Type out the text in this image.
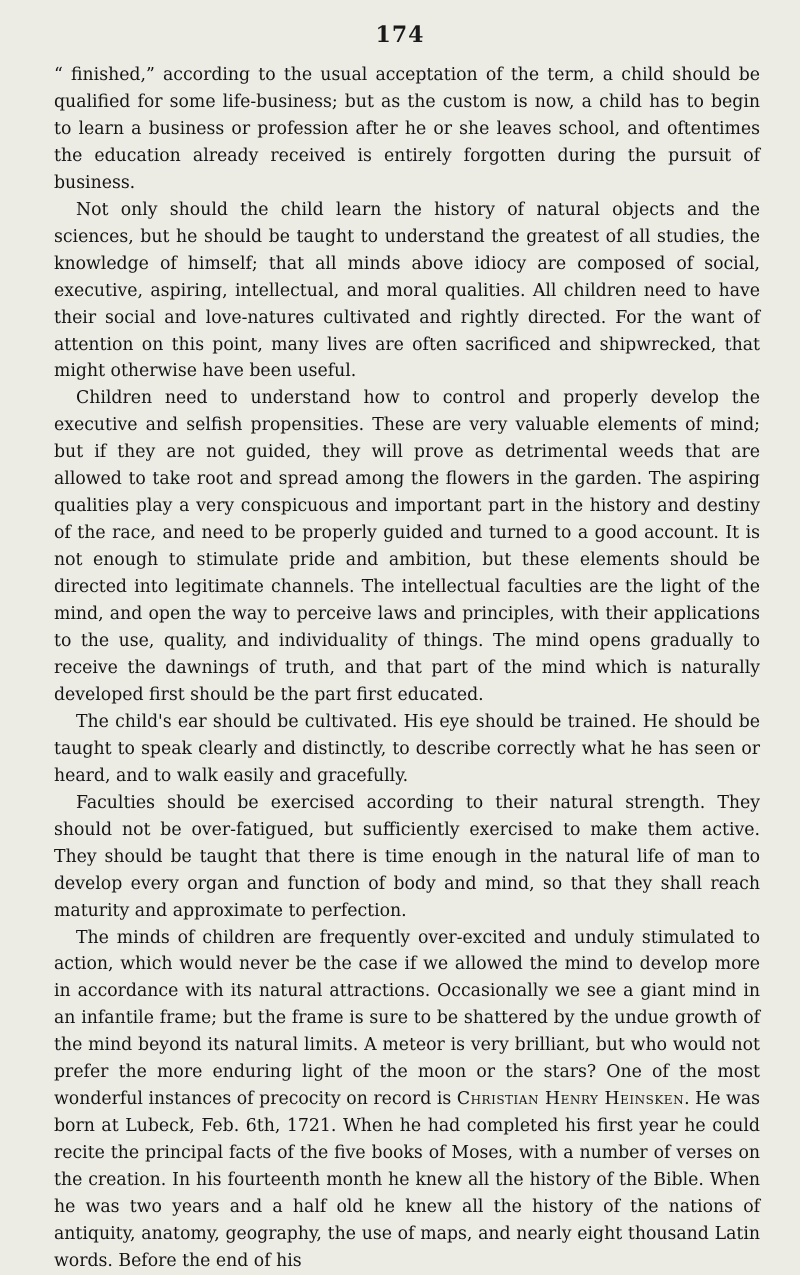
174

“ finished,” according to the usual acceptation of the term, a child should be qualified for some life-business; but as the custom is now, a child has to begin to learn a business or profession after he or she leaves school, and oftentimes the education already received is entirely forgotten during the pursuit of business.

Not only should the child learn the history of natural objects and the sciences, but he should be taught to understand the greatest of all studies, the knowledge of himself; that all minds above idiocy are composed of social, executive, aspiring, intellectual, and moral qualities. All children need to have their social and love-natures cultivated and rightly directed. For the want of attention on this point, many lives are often sacrificed and shipwrecked, that might otherwise have been useful.

Children need to understand how to control and properly develop the executive and selfish propensities. These are very valuable elements of mind; but if they are not guided, they will prove as detrimental weeds that are allowed to take root and spread among the flowers in the garden. The aspiring qualities play a very conspicuous and important part in the history and destiny of the race, and need to be properly guided and turned to a good account. It is not enough to stimulate pride and ambition, but these elements should be directed into legitimate channels. The intellectual faculties are the light of the mind, and open the way to perceive laws and principles, with their applications to the use, quality, and individuality of things. The mind opens gradually to receive the dawnings of truth, and that part of the mind which is naturally developed first should be the part first educated.

The child's ear should be cultivated. His eye should be trained. He should be taught to speak clearly and distinctly, to describe correctly what he has seen or heard, and to walk easily and gracefully.

Faculties should be exercised according to their natural strength. They should not be over-fatigued, but sufficiently exercised to make them active. They should be taught that there is time enough in the natural life of man to develop every organ and function of body and mind, so that they shall reach maturity and approximate to perfection.

The minds of children are frequently over-excited and unduly stimulated to action, which would never be the case if we allowed the mind to develop more in accordance with its natural attractions. Occasionally we see a giant mind in an infantile frame; but the frame is sure to be shattered by the undue growth of the mind beyond its natural limits. A meteor is very brilliant, but who would not prefer the more enduring light of the moon or the stars? One of the most wonderful instances of precocity on record is Christian Henry Heinsken. He was born at Lubeck, Feb. 6th, 1721. When he had completed his first year he could recite the principal facts of the five books of Moses, with a number of verses on the creation. In his fourteenth month he knew all the history of the Bible. When he was two years and a half old he knew all the history of the nations of antiquity, anatomy, geography, the use of maps, and nearly eight thousand Latin words. Before the end of his
